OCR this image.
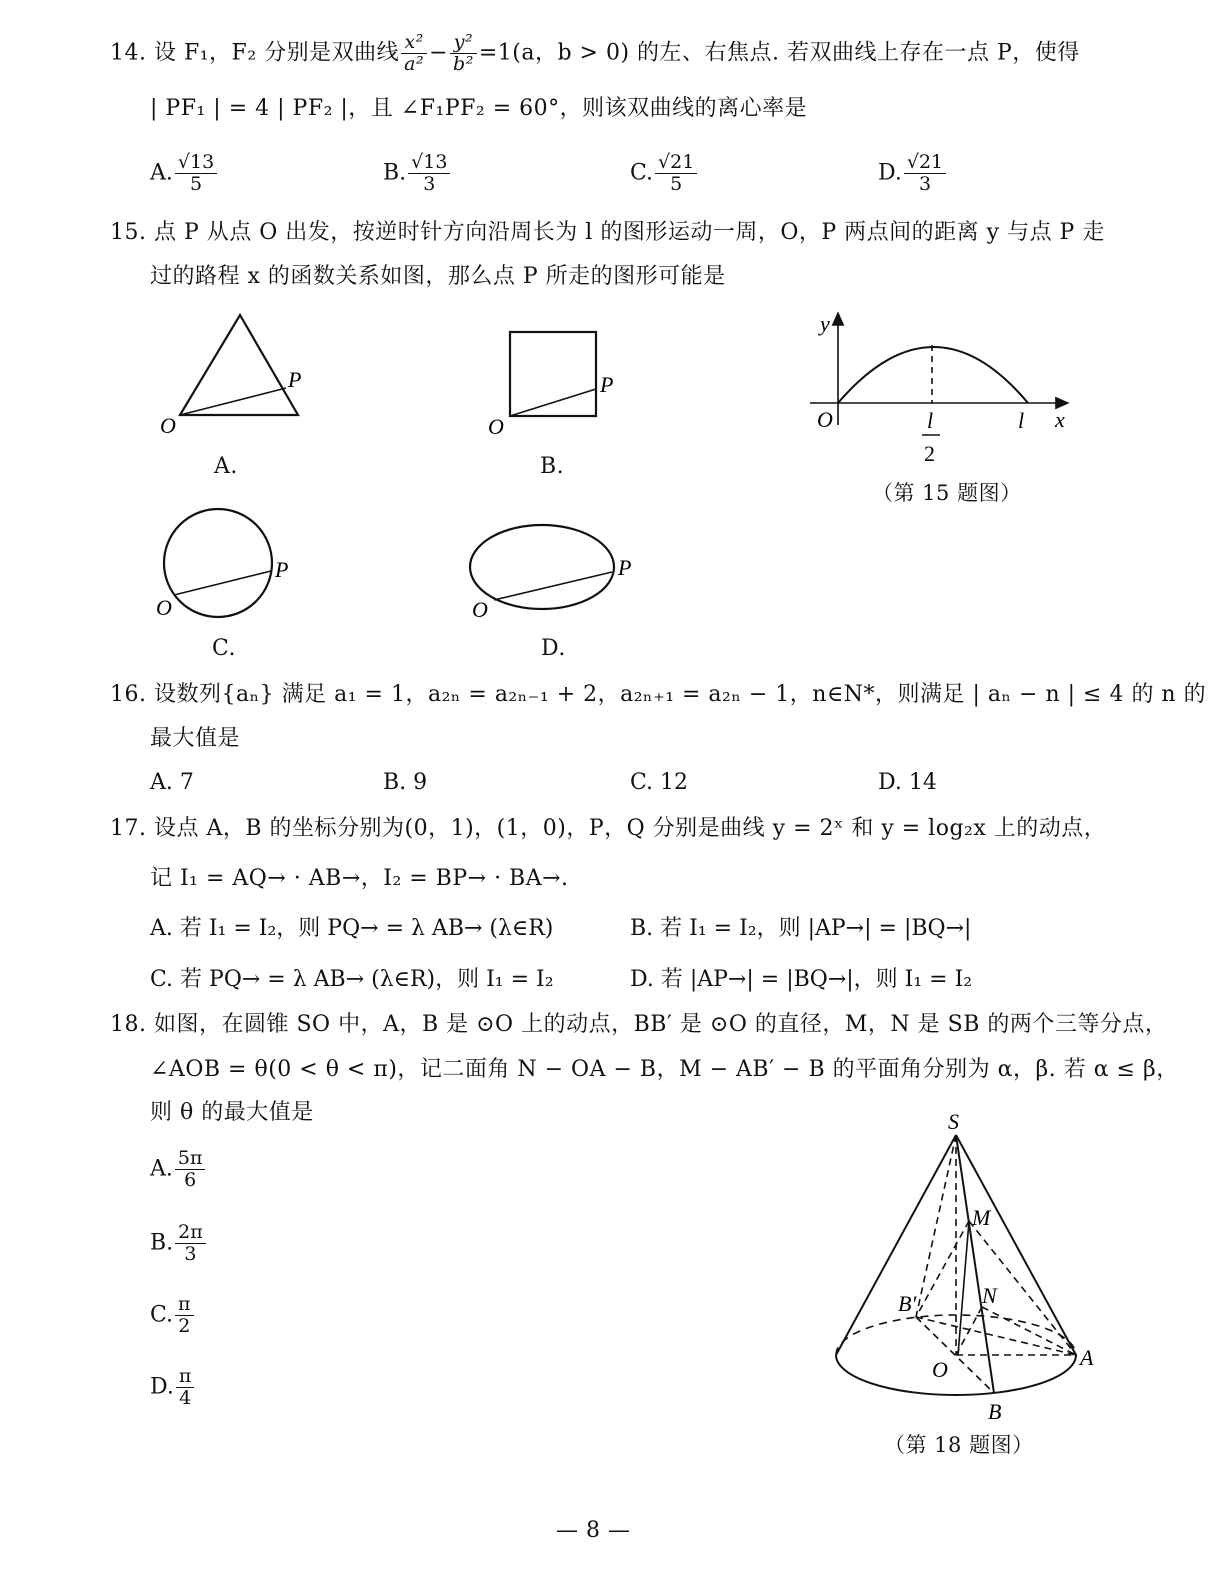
14. 设 F₁，F₂ 分别是双曲线 $\frac{\text{x²}}{\text{a²}} - \frac{\text{y²}}{\text{b²}} =1(a$，b > 0) 的左、右焦点. 若双曲线上存在一点 P，使得
| PF₁ | = 4 | PF₂ |，且 ∠F₁PF₂ = 60°，则该双曲线的离心率是
A. $\frac{√13}{5}$	B. $\frac{√13}{3}$	C. $\frac{√21}{5}$	D. $\frac{√21}{3}$
15. 点 P 从点 O 出发，按逆时针方向沿周长为 l 的图形运动一周，O，P 两点间的距离 y 与点 P 走
过的路程 x 的函数关系如图，那么点 P 所走的图形可能是
O
P
A.
O
P
B.
O
P
C.
O
P
D.
y
x
O	l
2
l
（第 15 题图）
16. 设数列{aₙ} 满足 a₁ = 1，a₂ₙ = a₂ₙ₋₁ + 2，a₂ₙ₊₁ = a₂ₙ − 1，n∈N*，则满足 | aₙ − n | ≤ 4 的 n 的
最大值是
A. 7	B. 9	C. 12	D. 14
17. 设点 A，B 的坐标分别为(0，1)，(1，0)，P，Q 分别是曲线 y = 2ˣ 和 y = log₂x 上的动点，
记 I₁ = AQ→ · AB→，I₂ = BP→ · BA→.
A. 若 I₁ = I₂，则 PQ→ = λ AB→ (λ∈R)	B. 若 I₁ = I₂，则 |AP→| = |BQ→|
C. 若 PQ→ = λ AB→ (λ∈R)，则 I₁ = I₂	D. 若 |AP→| = |BQ→|，则 I₁ = I₂
18. 如图，在圆锥 SO 中，A，B 是 ⊙O 上的动点，BB′ 是 ⊙O 的直径，M，N 是 SB 的两个三等分点，
∠AOB = θ(0 < θ < π)，记二面角 N − OA − B，M − AB′ − B 的平面角分别为 α，β. 若 α ≤ β，
则 θ 的最大值是
A. $\frac{5\pi}{6}$
B. $\frac{2\pi}{3}$
C. $\frac{\pi}{2}$
D. $\frac{\pi}{4}$
S
M
N
B′
O	A
B
（第 18 题图）
— 8 —
